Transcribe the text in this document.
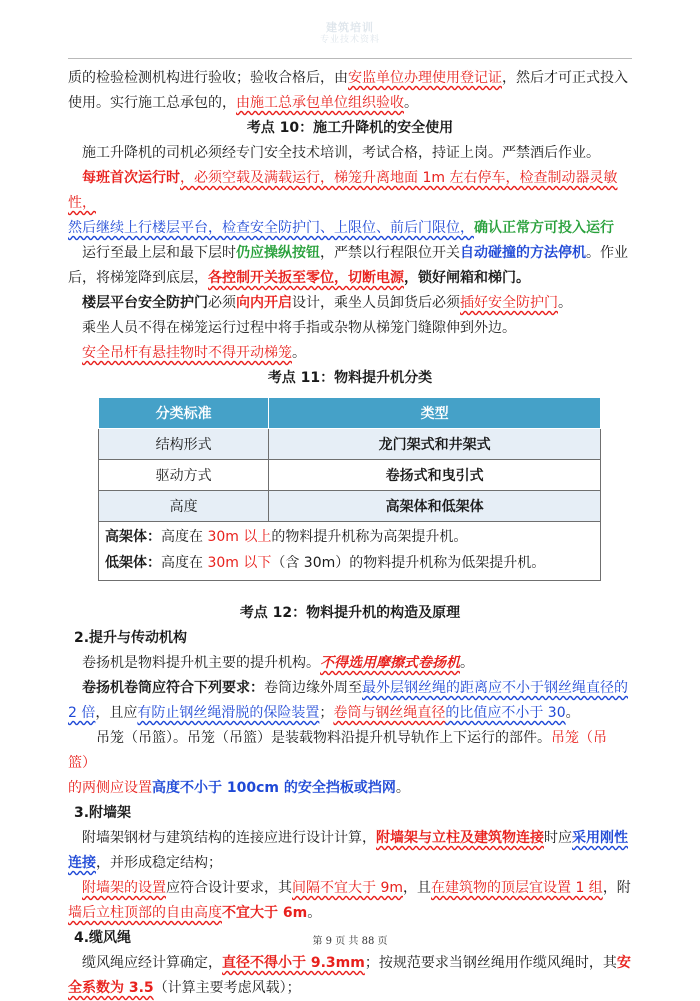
建筑培训
专业技术资料

质的检验检测机构进行验收；验收合格后，由安监单位办理使用登记证，然后才可正式投入
使用。实行施工总承包的，由施工总承包单位组织验收。

考点 10：施工升降机的安全使用

施工升降机的司机必须经专门安全技术培训，考试合格，持证上岗。严禁酒后作业。

每班首次运行时，必须空载及满载运行，梯笼升离地面 1m 左右停车，检查制动器灵敏性，
然后继续上行楼层平台，检查安全防护门、上限位、前后门限位，确认正常方可投入运行

运行至最上层和最下层时仍应操纵按钮，严禁以行程限位开关自动碰撞的方法停机。作业
后，将梯笼降到底层，各控制开关扳至零位，切断电源，锁好闸箱和梯门。

楼层平台安全防护门必须向内开启设计，乘坐人员卸货后必须插好安全防护门。

乘坐人员不得在梯笼运行过程中将手指或杂物从梯笼门缝隙伸到外边。

安全吊杆有悬挂物时不得开动梯笼。

考点 11：物料提升机分类

分类标准	类型
结构形式	龙门架式和井架式
驱动方式	卷扬式和曳引式
高度	高架体和低架体

高架体：高度在 30m 以上的物料提升机称为高架提升机。
低架体：高度在 30m 以下（含 30m）的物料提升机称为低架提升机。	

考点 12：物料提升机的构造及原理

2.提升与传动机构

卷扬机是物料提升机主要的提升机构。不得选用摩擦式卷扬机。

卷扬机卷筒应符合下列要求：卷筒边缘外周至最外层钢丝绳的距离应不小于钢丝绳直径的
2 倍，且应有防止钢丝绳滑脱的保险装置；卷筒与钢丝绳直径的比值应不小于 30。

吊笼（吊篮）。吊笼（吊篮）是装载物料沿提升机导轨作上下运行的部件。吊笼（吊篮）
的两侧应设置高度不小于 100cm 的安全挡板或挡网。

3.附墙架

附墙架钢材与建筑结构的连接应进行设计计算，附墙架与立柱及建筑物连接时应采用刚性
连接，并形成稳定结构；

附墙架的设置应符合设计要求，其间隔不宜大于 9m，且在建筑物的顶层宜设置 1 组，附
墙后立柱顶部的自由高度不宜大于 6m。

4.缆风绳

缆风绳应经计算确定，直径不得小于 9.3mm；按规范要求当钢丝绳用作缆风绳时，其安
全系数为 3.5（计算主要考虑风载）；

第 9 页 共 88 页
